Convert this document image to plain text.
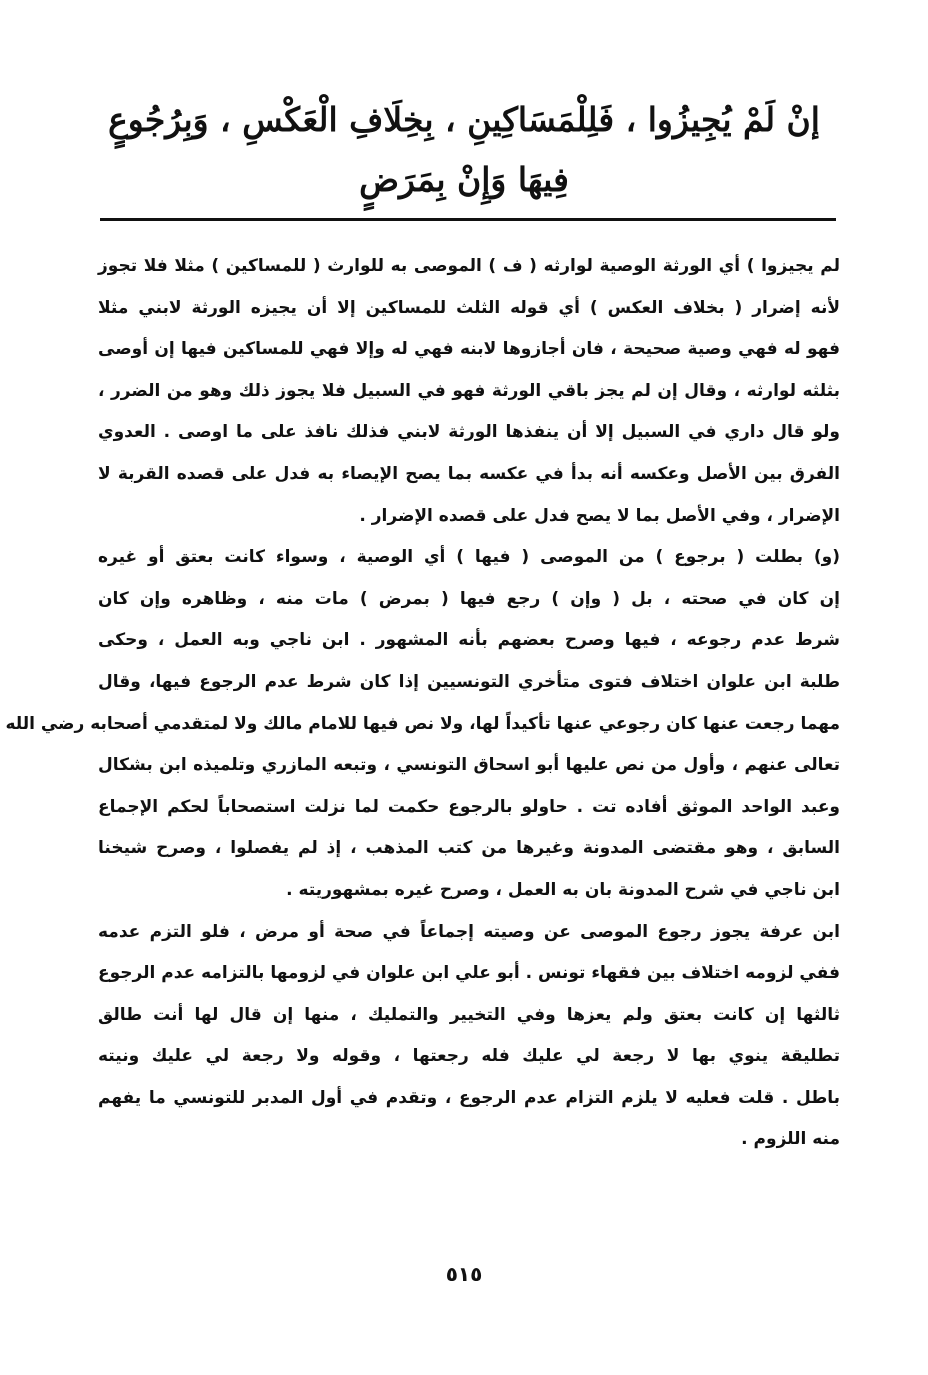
إنْ لَمْ يُجِيزُوا ، فَلِلْمَسَاكِينِ ، بِخِلَافِ الْعَكْسِ ، وَبِرُجُوعٍ
فِيهَا وَإِنْ بِمَرَضٍ
لم يجيزوا ) أي الورثة الوصية لوارثه ( ف ) الموصى به للوارث ( للمساكين ) مثلا فلا تجوز
لأنه إضرار ( بخلاف العكس ) أي قوله الثلث للمساكين إلا أن يجيزه الورثة لابني مثلا
فهو له فهي وصية صحيحة ، فان أجازوها لابنه فهي له وإلا فهي للمساكين فيها إن أوصى
بثلثه لوارثه ، وقال إن لم يجز باقي الورثة فهو في السبيل فلا يجوز ذلك وهو من الضرر ،
ولو قال داري في السبيل إلا أن ينفذها الورثة لابني فذلك نافذ على ما اوصى . العدوي
الفرق بين الأصل وعكسه أنه بدأ في عكسه بما يصح الإيصاء به فدل على قصده القربة لا
الإضرار ، وفي الأصل بما لا يصح فدل على قصده الإضرار .
(و) بطلت ( برجوع ) من الموصى ( فيها ) أي الوصية ، وسواء كانت بعتق أو غيره
إن كان في صحته ، بل ( وإن ) رجع فيها ( بمرض ) مات منه ، وظاهره وإن كان
شرط عدم رجوعه ، فيها وصرح بعضهم بأنه المشهور . ابن ناجي وبه العمل ، وحكى
طلبة ابن علوان اختلاف فتوى متأخري التونسيين إذا كان شرط عدم الرجوع فيها، وقال
مهما رجعت عنها كان رجوعي عنها تأكيداً لها، ولا نص فيها للامام مالك ولا لمتقدمي أصحابه رضي الله
تعالى عنهم ، وأول من نص عليها أبو اسحاق التونسي ، وتبعه المازري وتلميذه ابن بشكال
وعبد الواحد الموثق أفاده تت . حاولو بالرجوع حكمت لما نزلت استصحاباً لحكم الإجماع
السابق ، وهو مقتضى المدونة وغيرها من كتب المذهب ، إذ لم يفصلوا ، وصرح شيخنا
ابن ناجي في شرح المدونة بان به العمل ، وصرح غيره بمشهوريته .
ابن عرفة يجوز رجوع الموصى عن وصيته إجماعاً في صحة أو مرض ، فلو التزم عدمه
ففي لزومه اختلاف بين فقهاء تونس . أبو علي ابن علوان في لزومها بالتزامه عدم الرجوع
ثالثها إن كانت بعتق ولم يعزها وفي التخيير والتمليك ، منها إن قال لها أنت طالق
تطليقة ينوي بها لا رجعة لي عليك فله رجعتها ، وقوله ولا رجعة لي عليك ونيته
باطل . قلت فعليه لا يلزم التزام عدم الرجوع ، وتقدم في أول المدبر للتونسي ما يفهم
منه اللزوم .
٥١٥
